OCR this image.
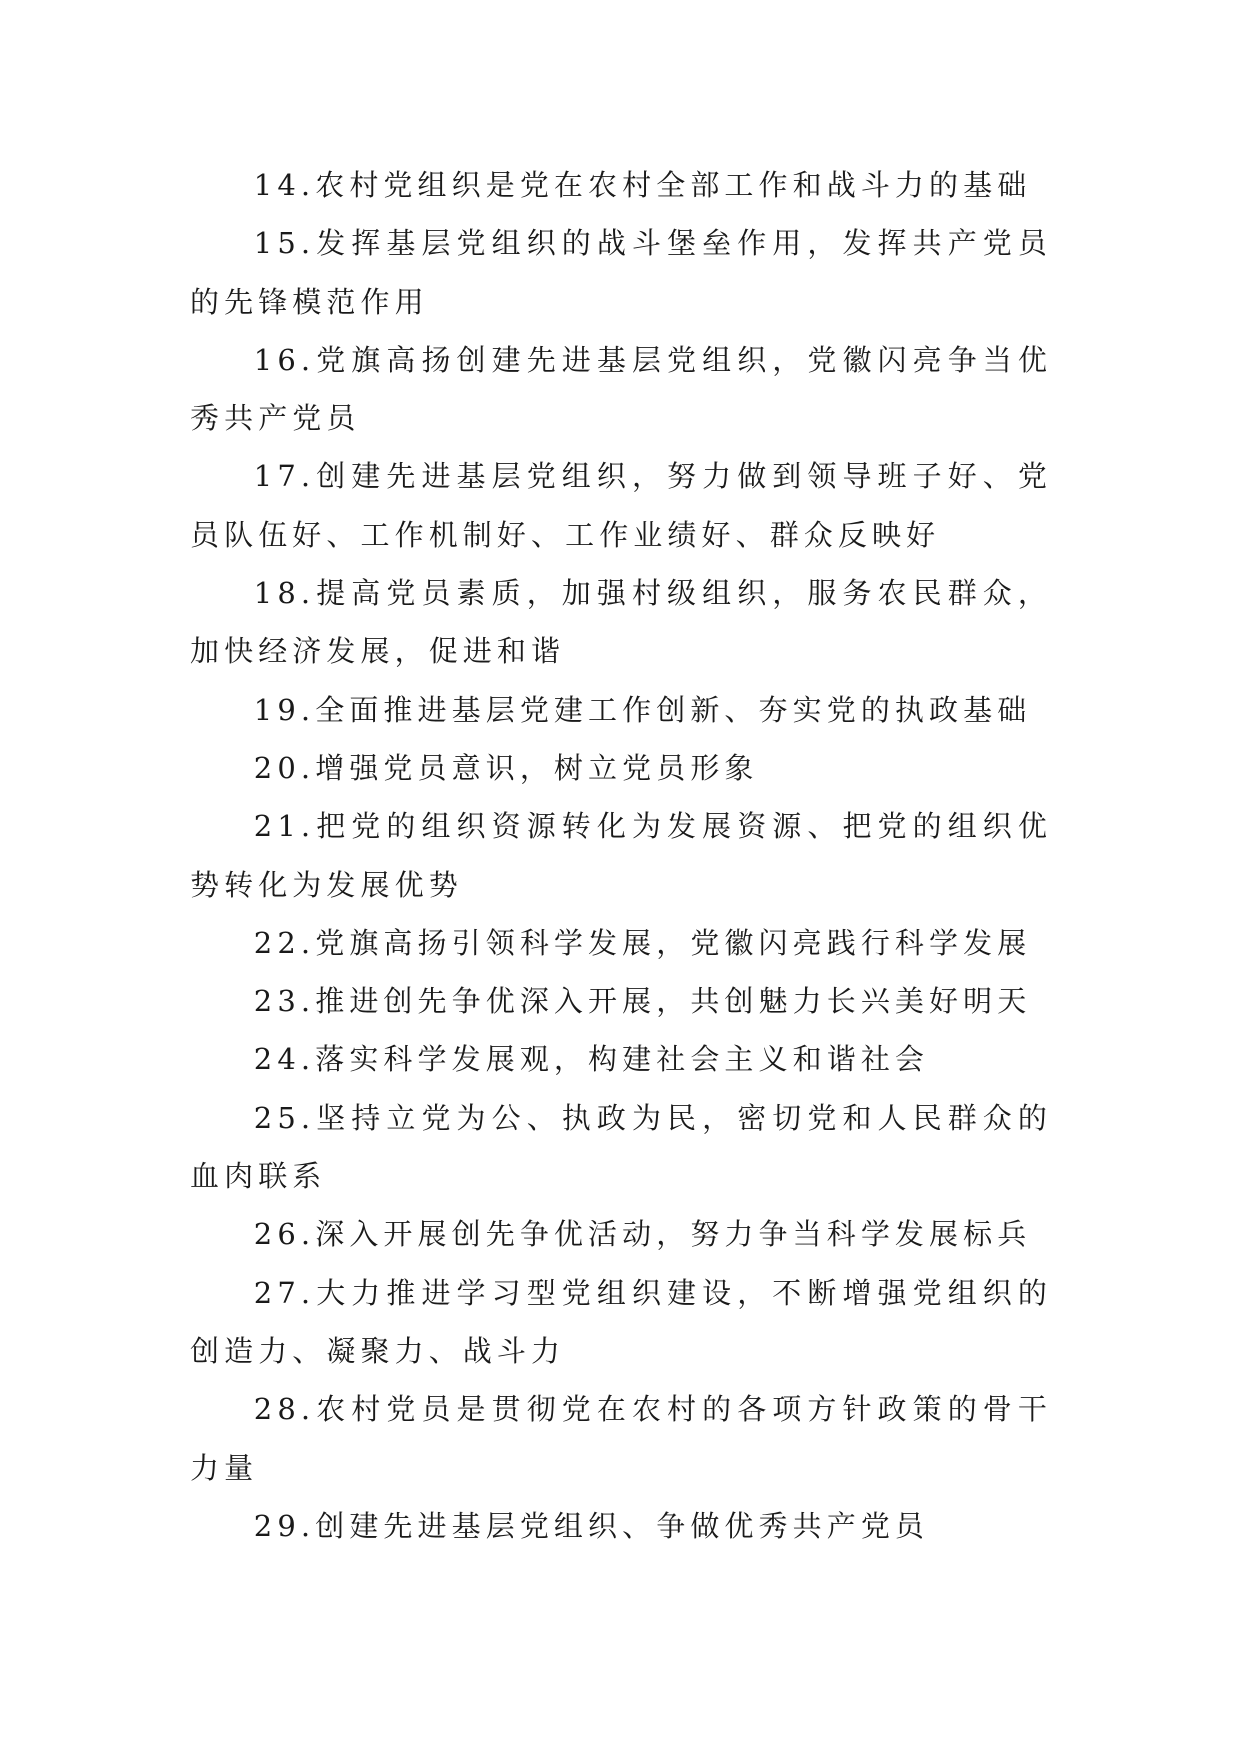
14.农村党组织是党在农村全部工作和战斗力的基础

15.发挥基层党组织的战斗堡垒作用，发挥共产党员的先锋模范作用

16.党旗高扬创建先进基层党组织，党徽闪亮争当优秀共产党员

17.创建先进基层党组织，努力做到领导班子好、党员队伍好、工作机制好、工作业绩好、群众反映好

18.提高党员素质，加强村级组织，服务农民群众，加快经济发展，促进和谐

19.全面推进基层党建工作创新、夯实党的执政基础

20.增强党员意识，树立党员形象

21.把党的组织资源转化为发展资源、把党的组织优势转化为发展优势

22.党旗高扬引领科学发展，党徽闪亮践行科学发展

23.推进创先争优深入开展，共创魅力长兴美好明天

24.落实科学发展观，构建社会主义和谐社会

25.坚持立党为公、执政为民，密切党和人民群众的血肉联系

26.深入开展创先争优活动，努力争当科学发展标兵

27.大力推进学习型党组织建设，不断增强党组织的创造力、凝聚力、战斗力

28.农村党员是贯彻党在农村的各项方针政策的骨干力量

29.创建先进基层党组织、争做优秀共产党员
